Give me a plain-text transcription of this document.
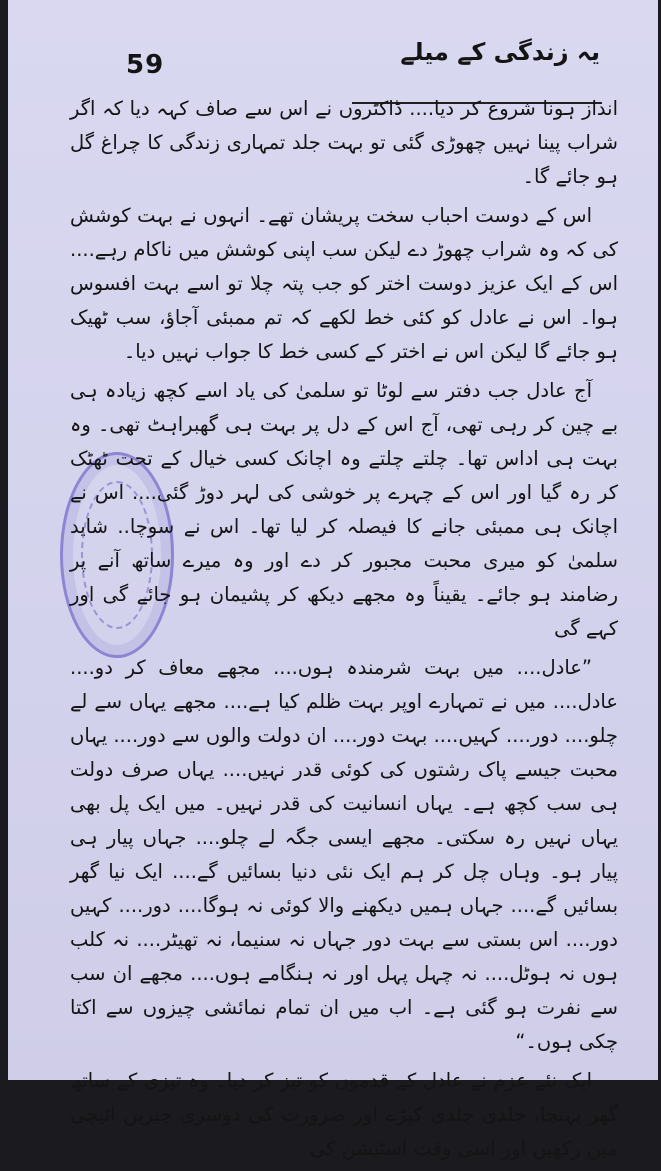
59	یہ زندگی کے میلے

انداز ہونا شروع کر دیا.... ڈاکٹروں نے اس سے صاف کہہ دیا کہ اگر شراب پینا نہیں چھوڑی گئی تو بہت جلد تمہاری زندگی کا چراغ گل ہو جائے گا۔

اس کے دوست احباب سخت پریشان تھے۔ انہوں نے بہت کوشش کی کہ وہ شراب چھوڑ دے لیکن سب اپنی کوشش میں ناکام رہے.... اس کے ایک عزیز دوست اختر کو جب پتہ چلا تو اسے بہت افسوس ہوا۔ اس نے عادل کو کئی خط لکھے کہ تم ممبئی آجاؤ، سب ٹھیک ہو جائے گا لیکن اس نے اختر کے کسی خط کا جواب نہیں دیا۔

آج عادل جب دفتر سے لوٹا تو سلمیٰ کی یاد اسے کچھ زیادہ ہی بے چین کر رہی تھی، آج اس کے دل پر بہت ہی گھبراہٹ تھی۔ وہ بہت ہی اداس تھا۔ چلتے چلتے وہ اچانک کسی خیال کے تحت ٹھٹک کر رہ گیا اور اس کے چہرے پر خوشی کی لہر دوڑ گئی.... اس نے اچانک ہی ممبئی جانے کا فیصلہ کر لیا تھا۔ اس نے سوچا.. شاید سلمیٰ کو میری محبت مجبور کر دے اور وہ میرے ساتھ آنے پر رضامند ہو جائے۔ یقیناً وہ مجھے دیکھ کر پشیمان ہو جائے گی اور کہے گی

”عادل.... میں بہت شرمندہ ہوں.... مجھے معاف کر دو.... عادل.... میں نے تمہارے اوپر بہت ظلم کیا ہے.... مجھے یہاں سے لے چلو.... دور.... کہیں.... بہت دور.... ان دولت والوں سے دور.... یہاں محبت جیسے پاک رشتوں کی کوئی قدر نہیں.... یہاں صرف دولت ہی سب کچھ ہے۔ یہاں انسانیت کی قدر نہیں۔ میں ایک پل بھی یہاں نہیں رہ سکتی۔ مجھے ایسی جگہ لے چلو.... جہاں پیار ہی پیار ہو۔ وہاں چل کر ہم ایک نئی دنیا بسائیں گے.... ایک نیا گھر بسائیں گے.... جہاں ہمیں دیکھنے والا کوئی نہ ہوگا.... دور.... کہیں دور.... اس بستی سے بہت دور جہاں نہ سنیما، نہ تھیٹر.... نہ کلب ہوں نہ ہوٹل.... نہ چہل پہل اور نہ ہنگامے ہوں.... مجھے ان سب سے نفرت ہو گئی ہے۔ اب میں ان تمام نمائشی چیزوں سے اکتا چکی ہوں۔“

ایک نئے عزم نے عادل کے قدموں کو تیز کر دیا۔ وہ تیزی کے ساتھ گھر پہنچا، جلدی جلدی کپڑے اور ضرورت کی دوسری چیزیں اٹیچی میں رکھیں اور اسی وقت اسٹیشن کی
